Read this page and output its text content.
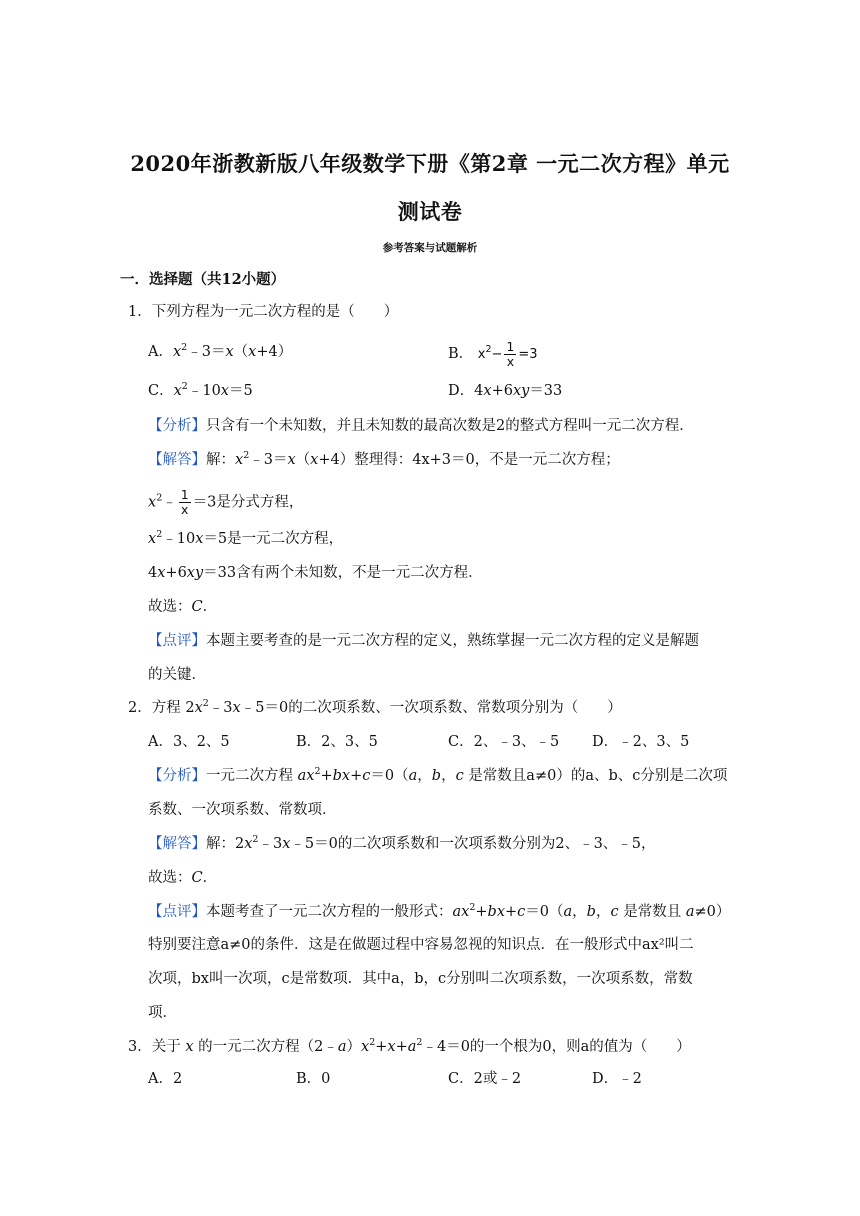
2020年浙教新版八年级数学下册《第2章 一元二次方程》单元
测试卷
参考答案与试题解析
一．选择题（共12小题）
1．下列方程为一元二次方程的是（　　）
A．$x^2﹣3=x(x+4)$	B． $x^2- \frac{1}{x} =3$
C．$x^2﹣10x=5$	D．4x+6xy＝33
【分析】只含有一个未知数，并且未知数的最高次数是2的整式方程叫一元二次方程．
【解答】解：$x^2﹣3=x(x+4)$整理得：4x+3＝0，不是一元二次方程；
$x^2﹣ \frac{1}{x} =3$是分式方程，
$x^2﹣10x=5$是一元二次方程，
4x+6xy＝33含有两个未知数，不是一元二次方程．
故选：C．
【点评】本题主要考查的是一元二次方程的定义，熟练掌握一元二次方程的定义是解题
的关键．
2．方程 $2x^2﹣3x﹣5=0$的二次项系数、一次项系数、常数项分别为（　　）
A．3、2、5	B．2、3、5	C．2、﹣3、﹣5 D．﹣2、3、5
【分析】一元二次方程 $ax^2+bx+c=0(a$，b，c 是常数且a≠0）的a、b、c分别是二次项
系数、一次项系数、常数项．
【解答】解：$2x^2﹣3x﹣5=0$的二次项系数和一次项系数分别为2、﹣3、﹣5，
故选：C．
【点评】本题考查了一元二次方程的一般形式：$ax^2+bx+c=0(a$，b，c 是常数且 a≠0）
特别要注意a≠0的条件．这是在做题过程中容易忽视的知识点．在一般形式中ax²叫二
次项，bx叫一次项，c是常数项．其中a，b，c分别叫二次项系数，一次项系数，常数
项．
3．关于 x 的一元二次方程$(2﹣a)x^2+x+a^2﹣4=0$的一个根为0，则a的值为（　　）
A．2	B．0	C．2或﹣2	D．﹣2
